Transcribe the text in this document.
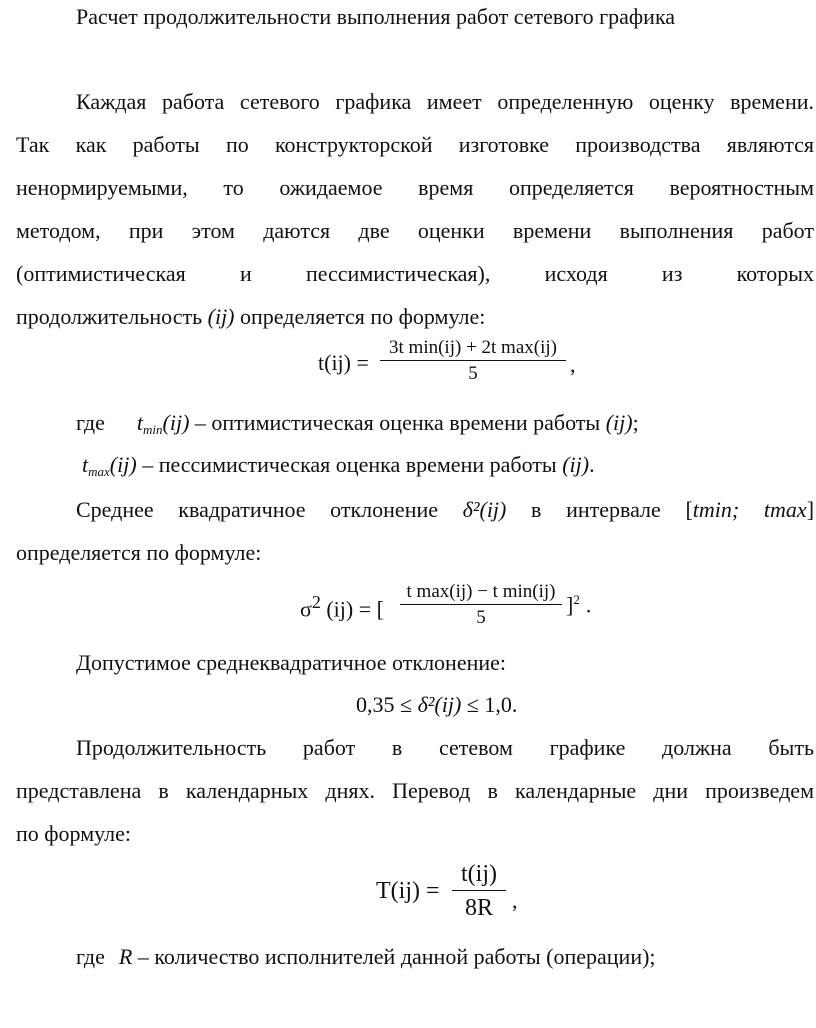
Расчет продолжительности выполнения работ сетевого графика
Каждая работа сетевого графика имеет определенную оценку времени.
Так как работы по конструкторской изготовке производства являются
ненормируемыми, то ожидаемое время определяется вероятностным
методом, при этом даются две оценки времени выполнения работ
(оптимистическая и пессимистическая), исходя из которых
продолжительность (ij) определяется по формуле:
t(ij) =
3t min(ij) + 2t max(ij)
5	,
где $t_{min}(ij)$ – оптимистическая оценка времени работы (ij);
$t_{max}(ij)$ – пессимистическая оценка времени работы (ij).
Среднее квадратичное отклонение δ²(ij) в интервале [tmin; tmax]
определяется по формуле:
$\sigma^2$ (ij) = [
t max(ij) − t min(ij)
5
]$^2$ .
Допустимое среднеквадратичное отклонение:
0,35 ≤ δ²(ij) ≤ 1,0.
Продолжительность работ в сетевом графике должна быть
представлена в календарных днях. Перевод в календарные дни произведем
по формуле:
$T(ij) = \frac{t(ij)}{8R}$ ,
где R – количество исполнителей данной работы (операции);
